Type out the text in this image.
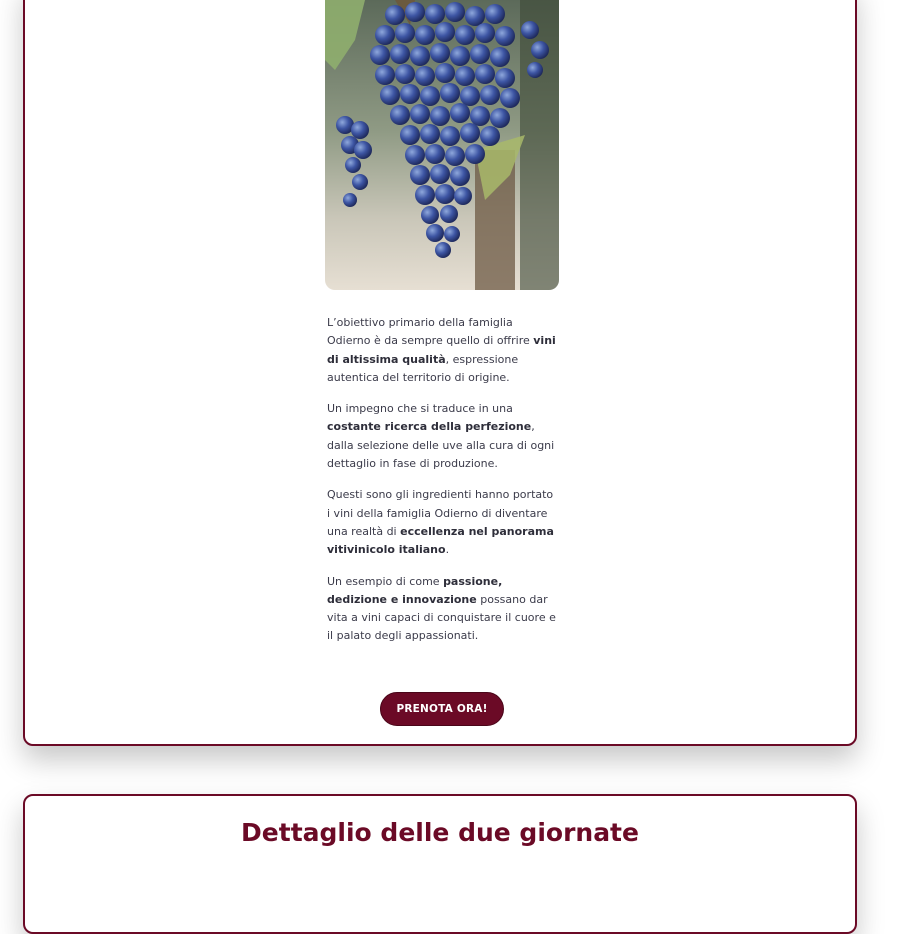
L’obiettivo primario della famiglia Odierno è da sempre quello di offrire vini di altissima qualità, espressione autentica del territorio di origine.

Un impegno che si traduce in una costante ricerca della perfezione, dalla selezione delle uve alla cura di ogni dettaglio in fase di produzione.

Questi sono gli ingredienti hanno portato i vini della famiglia Odierno di diventare una realtà di eccellenza nel panorama vitivinicolo italiano.

Un esempio di come passione, dedizione e innovazione possano dar vita a vini capaci di conquistare il cuore e il palato degli appassionati.

PRENOTA ORA!
Dettaglio delle due giornate
